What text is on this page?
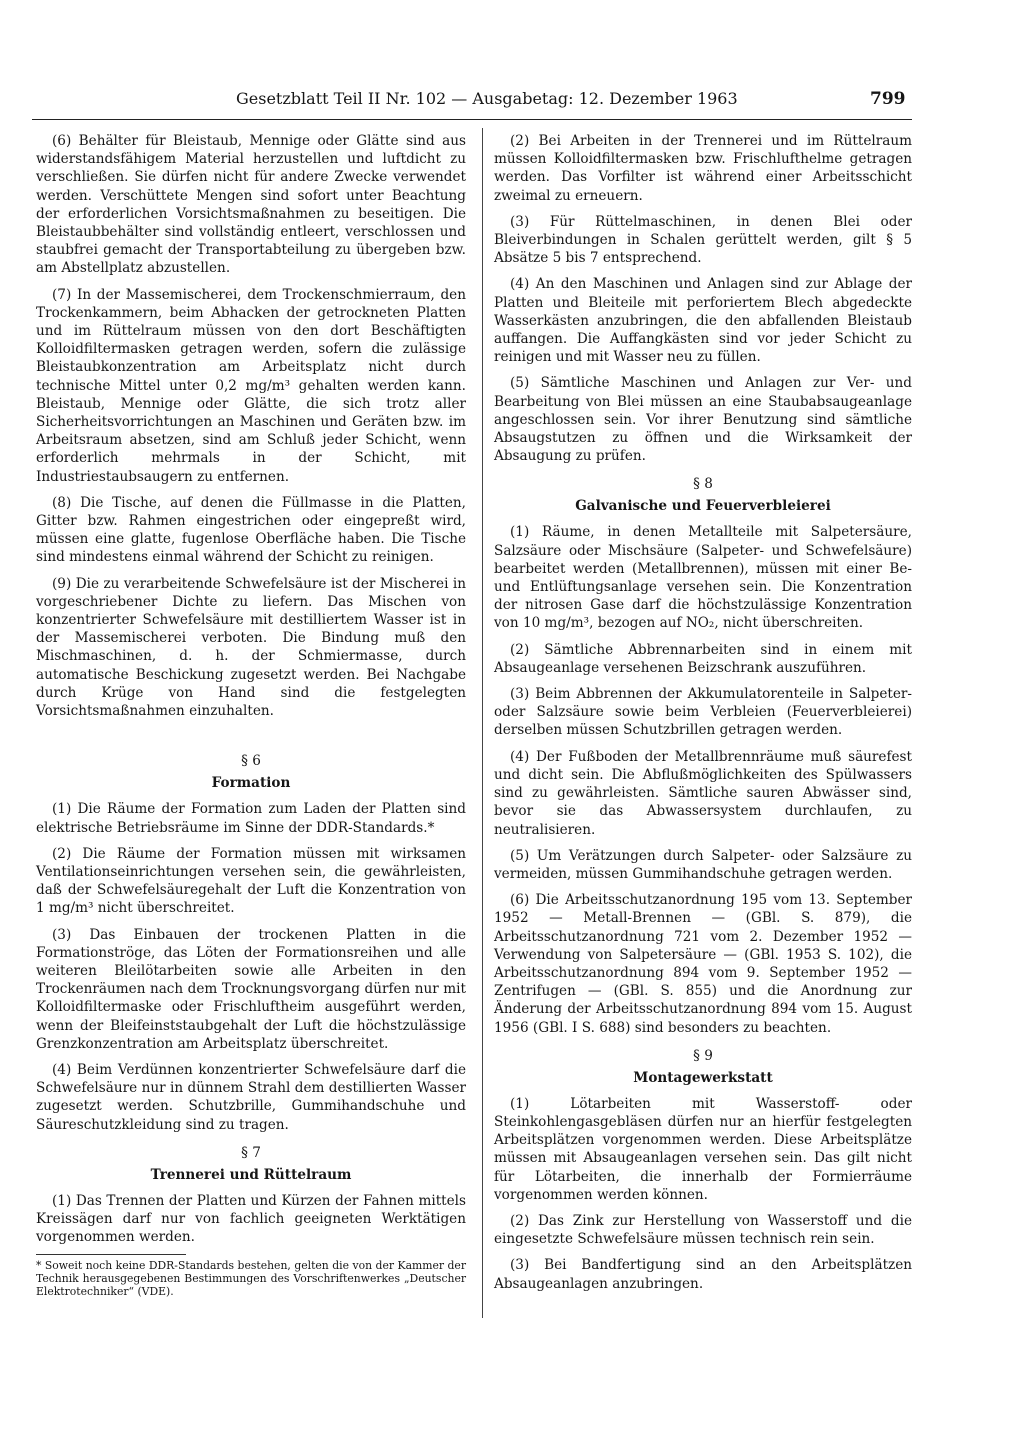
Gesetzblatt Teil II Nr. 102 — Ausgabetag: 12. Dezember 1963	799

(6) Behälter für Bleistaub, Mennige oder Glätte sind aus widerstandsfähigem Material herzustellen und luftdicht zu verschließen. Sie dürfen nicht für andere Zwecke verwendet werden. Verschüttete Mengen sind sofort unter Beachtung der erforderlichen Vorsichtsmaßnahmen zu beseitigen. Die Bleistaubbehälter sind vollständig entleert, verschlossen und staubfrei gemacht der Transportabteilung zu übergeben bzw. am Abstellplatz abzustellen.

(7) In der Massemischerei, dem Trockenschmierraum, den Trockenkammern, beim Abhacken der getrockneten Platten und im Rüttelraum müssen von den dort Beschäftigten Kolloidfiltermasken getragen werden, sofern die zulässige Bleistaubkonzentration am Arbeitsplatz nicht durch technische Mittel unter 0,2 mg/m³ gehalten werden kann. Bleistaub, Mennige oder Glätte, die sich trotz aller Sicherheitsvorrichtungen an Maschinen und Geräten bzw. im Arbeitsraum absetzen, sind am Schluß jeder Schicht, wenn erforderlich mehrmals in der Schicht, mit Industriestaubsaugern zu entfernen.

(8) Die Tische, auf denen die Füllmasse in die Platten, Gitter bzw. Rahmen eingestrichen oder eingepreßt wird, müssen eine glatte, fugenlose Oberfläche haben. Die Tische sind mindestens einmal während der Schicht zu reinigen.

(9) Die zu verarbeitende Schwefelsäure ist der Mischerei in vorgeschriebener Dichte zu liefern. Das Mischen von konzentrierter Schwefelsäure mit destilliertem Wasser ist in der Massemischerei verboten. Die Bindung muß den Mischmaschinen, d. h. der Schmiermasse, durch automatische Beschickung zugesetzt werden. Bei Nachgabe durch Krüge von Hand sind die festgelegten Vorsichtsmaßnahmen einzuhalten.

§ 6
Formation

(1) Die Räume der Formation zum Laden der Platten sind elektrische Betriebsräume im Sinne der DDR-Standards.*

(2) Die Räume der Formation müssen mit wirksamen Ventilationseinrichtungen versehen sein, die gewährleisten, daß der Schwefelsäuregehalt der Luft die Konzentration von 1 mg/m³ nicht überschreitet.

(3) Das Einbauen der trockenen Platten in die Formationströge, das Löten der Formationsreihen und alle weiteren Bleilötarbeiten sowie alle Arbeiten in den Trockenräumen nach dem Trocknungsvorgang dürfen nur mit Kolloidfiltermaske oder Frischluftheim ausgeführt werden, wenn der Bleifeinststaubgehalt der Luft die höchstzulässige Grenzkonzentration am Arbeitsplatz überschreitet.

(4) Beim Verdünnen konzentrierter Schwefelsäure darf die Schwefelsäure nur in dünnem Strahl dem destillierten Wasser zugesetzt werden. Schutzbrille, Gummihandschuhe und Säureschutzkleidung sind zu tragen.

§ 7
Trennerei und Rüttelraum

(1) Das Trennen der Platten und Kürzen der Fahnen mittels Kreissägen darf nur von fachlich geeigneten Werktätigen vorgenommen werden.

* Soweit noch keine DDR-Standards bestehen, gelten die von der Kammer der Technik herausgegebenen Bestimmungen des Vorschriftenwerkes „Deutscher Elektrotechniker“ (VDE).

(2) Bei Arbeiten in der Trennerei und im Rüttelraum müssen Kolloidfiltermasken bzw. Frischlufthelme getragen werden. Das Vorfilter ist während einer Arbeitsschicht zweimal zu erneuern.

(3) Für Rüttelmaschinen, in denen Blei oder Bleiverbindungen in Schalen gerüttelt werden, gilt § 5 Absätze 5 bis 7 entsprechend.

(4) An den Maschinen und Anlagen sind zur Ablage der Platten und Bleiteile mit perforiertem Blech abgedeckte Wasserkästen anzubringen, die den abfallenden Bleistaub auffangen. Die Auffangkästen sind vor jeder Schicht zu reinigen und mit Wasser neu zu füllen.

(5) Sämtliche Maschinen und Anlagen zur Ver- und Bearbeitung von Blei müssen an eine Staubabsaugeanlage angeschlossen sein. Vor ihrer Benutzung sind sämtliche Absaugstutzen zu öffnen und die Wirksamkeit der Absaugung zu prüfen.

§ 8
Galvanische und Feuerverbleierei

(1) Räume, in denen Metallteile mit Salpetersäure, Salzsäure oder Mischsäure (Salpeter- und Schwefelsäure) bearbeitet werden (Metallbrennen), müssen mit einer Be- und Entlüftungsanlage versehen sein. Die Konzentration der nitrosen Gase darf die höchstzulässige Konzentration von 10 mg/m³, bezogen auf NO₂, nicht überschreiten.

(2) Sämtliche Abbrennarbeiten sind in einem mit Absaugeanlage versehenen Beizschrank auszuführen.

(3) Beim Abbrennen der Akkumulatorenteile in Salpeter- oder Salzsäure sowie beim Verbleien (Feuerverbleierei) derselben müssen Schutzbrillen getragen werden.

(4) Der Fußboden der Metallbrennräume muß säurefest und dicht sein. Die Abflußmöglichkeiten des Spülwassers sind zu gewährleisten. Sämtliche sauren Abwässer sind, bevor sie das Abwassersystem durchlaufen, zu neutralisieren.

(5) Um Verätzungen durch Salpeter- oder Salzsäure zu vermeiden, müssen Gummihandschuhe getragen werden.

(6) Die Arbeitsschutzanordnung 195 vom 13. September 1952 — Metall-Brennen — (GBl. S. 879), die Arbeitsschutzanordnung 721 vom 2. Dezember 1952 — Verwendung von Salpetersäure — (GBl. 1953 S. 102), die Arbeitsschutzanordnung 894 vom 9. September 1952 — Zentrifugen — (GBl. S. 855) und die Anordnung zur Änderung der Arbeitsschutzanordnung 894 vom 15. August 1956 (GBl. I S. 688) sind besonders zu beachten.

§ 9
Montagewerkstatt

(1) Lötarbeiten mit Wasserstoff- oder Steinkohlengasgebläsen dürfen nur an hierfür festgelegten Arbeitsplätzen vorgenommen werden. Diese Arbeitsplätze müssen mit Absaugeanlagen versehen sein. Das gilt nicht für Lötarbeiten, die innerhalb der Formierräume vorgenommen werden können.

(2) Das Zink zur Herstellung von Wasserstoff und die eingesetzte Schwefelsäure müssen technisch rein sein.

(3) Bei Bandfertigung sind an den Arbeitsplätzen Absaugeanlagen anzubringen.
